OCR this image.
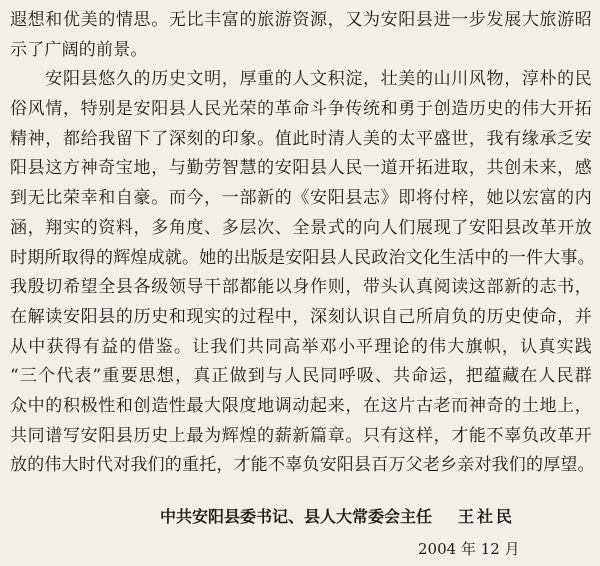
遐想和优美的情思。无比丰富的旅游资源，又为安阳县进一步发展大旅游昭
示了广阔的前景。
　　安阳县悠久的历史文明，厚重的人文积淀，壮美的山川风物，淳朴的民
俗风情，特别是安阳县人民光荣的革命斗争传统和勇于创造历史的伟大开拓
精神，都给我留下了深刻的印象。值此时清人美的太平盛世，我有缘承乏安
阳县这方神奇宝地，与勤劳智慧的安阳县人民一道开拓进取，共创未来，感
到无比荣幸和自豪。而今，一部新的《安阳县志》即将付梓，她以宏富的内
涵，翔实的资料，多角度、多层次、全景式的向人们展现了安阳县改革开放
时期所取得的辉煌成就。她的出版是安阳县人民政治文化生活中的一件大事。
我殷切希望全县各级领导干部都能以身作则，带头认真阅读这部新的志书，
在解读安阳县的历史和现实的过程中，深刻认识自己所肩负的历史使命，并
从中获得有益的借鉴。让我们共同高举邓小平理论的伟大旗帜，认真实践
“三个代表”重要思想，真正做到与人民同呼吸、共命运，把蕴藏在人民群
众中的积极性和创造性最大限度地调动起来，在这片古老而神奇的土地上，
共同谱写安阳县历史上最为辉煌的薪新篇章。只有这样，才能不辜负改革开
放的伟大时代对我们的重托，才能不辜负安阳县百万父老乡亲对我们的厚望。
中共安阳县委书记、县人大常委会主任 王社民
2004 年 12 月
